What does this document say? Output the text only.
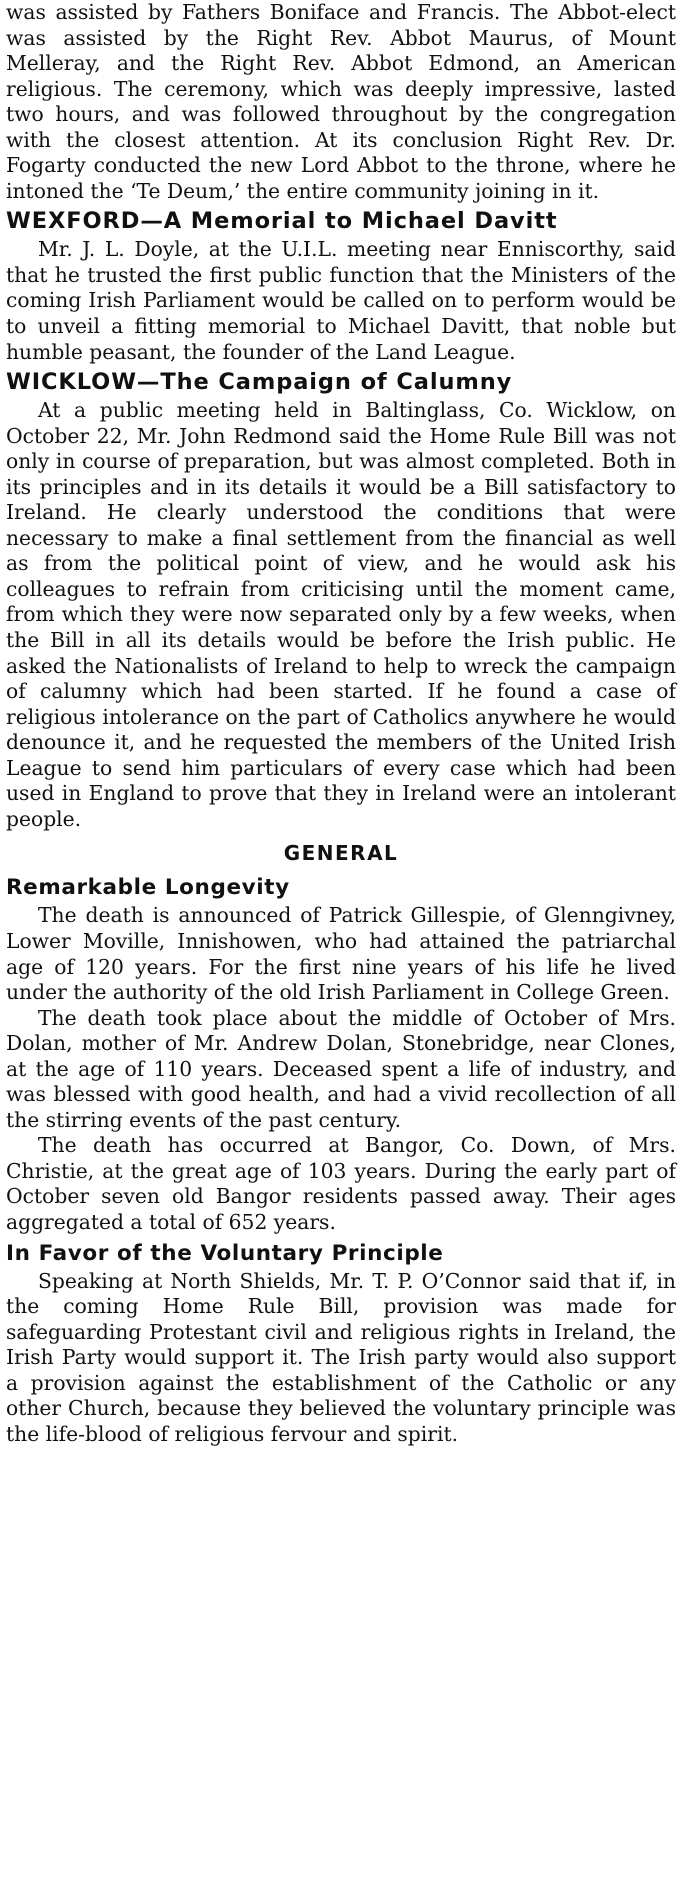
was assisted by Fathers Boniface and Francis. The Abbot-elect was assisted by the Right Rev. Abbot Maurus, of Mount Melleray, and the Right Rev. Abbot Edmond, an American religious. The ceremony, which was deeply impressive, lasted two hours, and was followed throughout by the congregation with the closest attention. At its conclusion Right Rev. Dr. Fogarty conducted the new Lord Abbot to the throne, where he intoned the ‘Te Deum,’ the entire community joining in it.

WEXFORD—A Memorial to Michael Davitt

Mr. J. L. Doyle, at the U.I.L. meeting near Enniscorthy, said that he trusted the first public function that the Ministers of the coming Irish Parliament would be called on to perform would be to unveil a fitting memorial to Michael Davitt, that noble but humble peasant, the founder of the Land League.

WICKLOW—The Campaign of Calumny

At a public meeting held in Baltinglass, Co. Wicklow, on October 22, Mr. John Redmond said the Home Rule Bill was not only in course of preparation, but was almost completed. Both in its principles and in its details it would be a Bill satisfactory to Ireland. He clearly understood the conditions that were necessary to make a final settlement from the financial as well as from the political point of view, and he would ask his colleagues to refrain from criticising until the moment came, from which they were now separated only by a few weeks, when the Bill in all its details would be before the Irish public. He asked the Nationalists of Ireland to help to wreck the campaign of calumny which had been started. If he found a case of religious intolerance on the part of Catholics anywhere he would denounce it, and he requested the members of the United Irish League to send him particulars of every case which had been used in England to prove that they in Ireland were an intolerant people.

GENERAL
Remarkable Longevity

The death is announced of Patrick Gillespie, of Glenngivney, Lower Moville, Innishowen, who had attained the patriarchal age of 120 years. For the first nine years of his life he lived under the authority of the old Irish Parliament in College Green.

The death took place about the middle of October of Mrs. Dolan, mother of Mr. Andrew Dolan, Stonebridge, near Clones, at the age of 110 years. Deceased spent a life of industry, and was blessed with good health, and had a vivid recollection of all the stirring events of the past century.

The death has occurred at Bangor, Co. Down, of Mrs. Christie, at the great age of 103 years. During the early part of October seven old Bangor residents passed away. Their ages aggregated a total of 652 years.

In Favor of the Voluntary Principle

Speaking at North Shields, Mr. T. P. O’Connor said that if, in the coming Home Rule Bill, provision was made for safeguarding Protestant civil and religious rights in Ireland, the Irish Party would support it. The Irish party would also support a provision against the establishment of the Catholic or any other Church, because they believed the voluntary principle was the life-blood of religious fervour and spirit.
